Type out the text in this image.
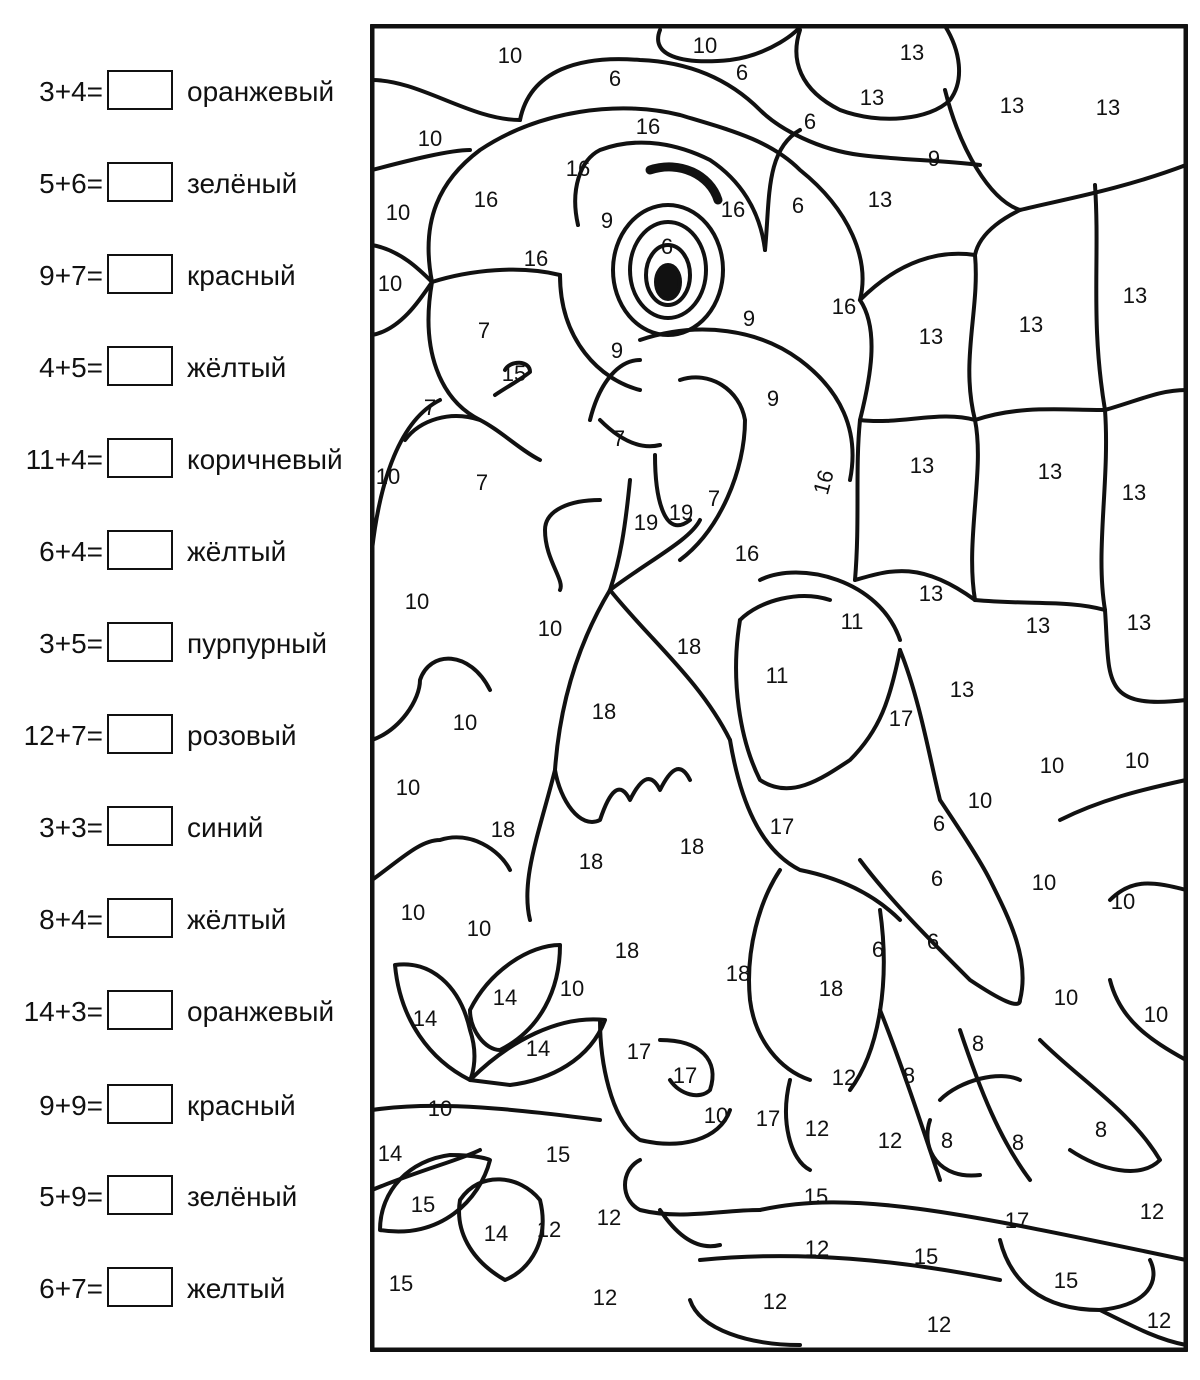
3+4=	оранжевый
5+6=	зелёный
9+7=	красный
4+5=	жёлтый
11+4=	коричневый
6+4=	жёлтый
3+5=	пурпурный
12+7=	розовый
3+3=	синий
8+4=	жёлтый
14+3=	оранжевый
9+9=	красный
5+9=	зелёный
6+7=	желтый
10	10
6	6
13
13	13	13
16	6
10
16
16
9
9	16 6	13
10
16	6
10
7	9	16
13	13
13
15
7
9
9
7
13	13
13
10	7
19 19
7
16
16
10
10
18
11
13
13	13
11
13
10	18	17
10	10
10
18
17
10
6
18
18
6
10
10
10
10
18	6 6
10
14
14
10
18
18
10
10
14	17
17	12 8
8
15
10 17 12 12 8	8
8
12
15
14
14
12
15
17	12
12	15
15
15
12	12
12	12
